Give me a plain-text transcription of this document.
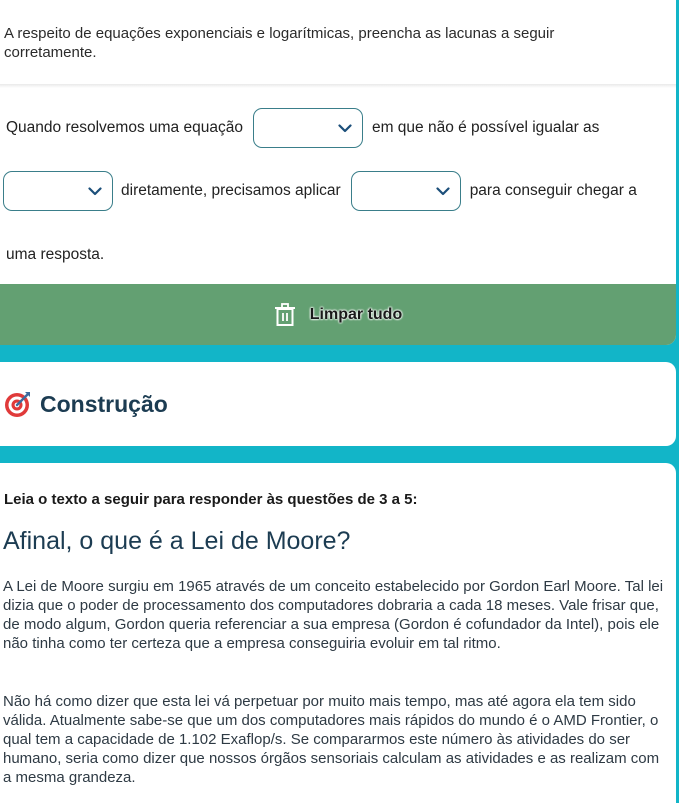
A respeito de equações exponenciais e logarítmicas, preencha as lacunas a seguir corretamente.
Quando resolvemos uma equação	em que não é possível igualar as
diretamente, precisamos aplicar	para conseguir chegar a
uma resposta.
Limpar tudo
Construção
Leia o texto a seguir para responder às questões de 3 a 5:
Afinal, o que é a Lei de Moore?
A Lei de Moore surgiu em 1965 através de um conceito estabelecido por Gordon Earl Moore. Tal lei dizia que o poder de processamento dos computadores dobraria a cada 18 meses. Vale frisar que, de modo algum, Gordon queria referenciar a sua empresa (Gordon é cofundador da Intel), pois ele não tinha como ter certeza que a empresa conseguiria evoluir em tal ritmo.
Não há como dizer que esta lei vá perpetuar por muito mais tempo, mas até agora ela tem sido válida. Atualmente sabe-se que um dos computadores mais rápidos do mundo é o AMD Frontier, o qual tem a capacidade de 1.102 Exaflop/s. Se compararmos este número às atividades do ser humano, seria como dizer que nossos órgãos sensoriais calculam as atividades e as realizam com a mesma grandeza.
